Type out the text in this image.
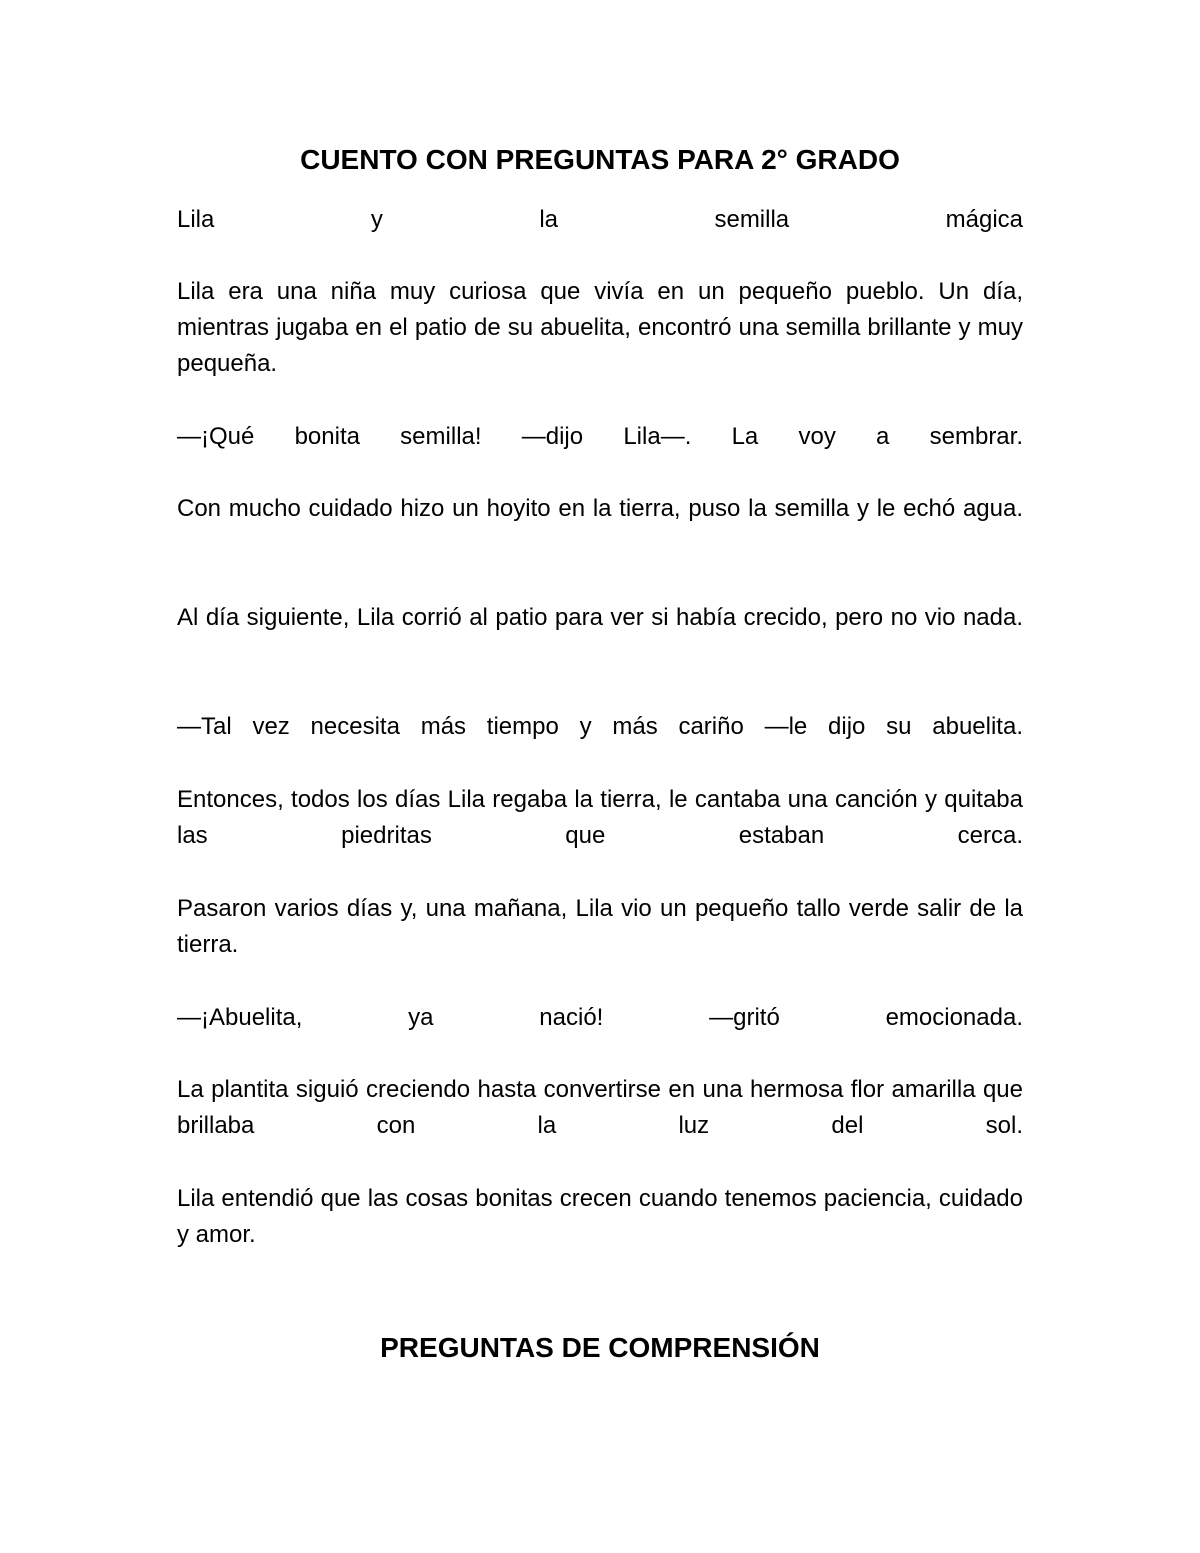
CUENTO CON PREGUNTAS PARA 2° GRADO

Lila y la semilla mágica

Lila era una niña muy curiosa que vivía en un pequeño pueblo. Un día, mientras jugaba en el patio de su abuelita, encontró una semilla brillante y muy pequeña.

—¡Qué bonita semilla! —dijo Lila—. La voy a sembrar.

Con mucho cuidado hizo un hoyito en la tierra, puso la semilla y le echó agua.

Al día siguiente, Lila corrió al patio para ver si había crecido, pero no vio nada.

—Tal vez necesita más tiempo y más cariño —le dijo su abuelita.

Entonces, todos los días Lila regaba la tierra, le cantaba una canción y quitaba las piedritas que estaban cerca.

Pasaron varios días y, una mañana, Lila vio un pequeño tallo verde salir de la tierra.

—¡Abuelita, ya nació! —gritó emocionada.

La plantita siguió creciendo hasta convertirse en una hermosa flor amarilla que brillaba con la luz del sol.

Lila entendió que las cosas bonitas crecen cuando tenemos paciencia, cuidado y amor.

PREGUNTAS DE COMPRENSIÓN
